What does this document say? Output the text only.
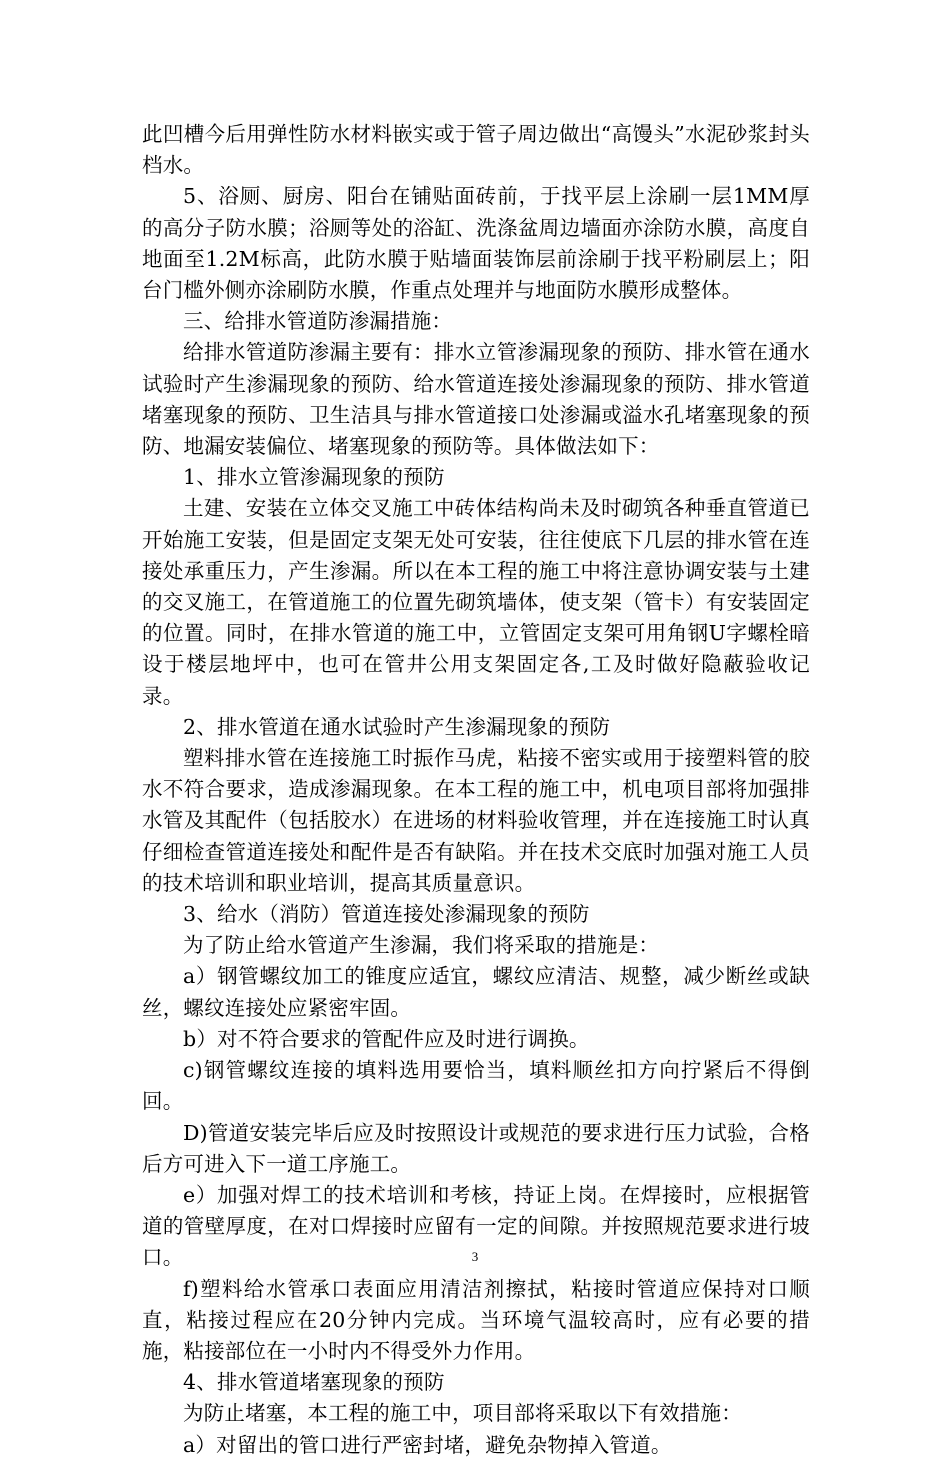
此凹槽今后用弹性防水材料嵌实或于管子周边做出“高馒头”水泥砂浆封头档水。

5、浴厕、厨房、阳台在铺贴面砖前，于找平层上涂刷一层1MM厚的高分子防水膜；浴厕等处的浴缸、洗涤盆周边墙面亦涂防水膜，高度自地面至1.2M标高，此防水膜于贴墙面装饰层前涂刷于找平粉刷层上；阳台门槛外侧亦涂刷防水膜，作重点处理并与地面防水膜形成整体。

三、给排水管道防渗漏措施：

给排水管道防渗漏主要有：排水立管渗漏现象的预防、排水管在通水试验时产生渗漏现象的预防、给水管道连接处渗漏现象的预防、排水管道堵塞现象的预防、卫生洁具与排水管道接口处渗漏或溢水孔堵塞现象的预防、地漏安装偏位、堵塞现象的预防等。具体做法如下：

1、排水立管渗漏现象的预防

土建、安装在立体交叉施工中砖体结构尚未及时砌筑各种垂直管道已开始施工安装，但是固定支架无处可安装，往往使底下几层的排水管在连接处承重压力，产生渗漏。所以在本工程的施工中将注意协调安装与土建的交叉施工，在管道施工的位置先砌筑墙体，使支架（管卡）有安装固定的位置。同时，在排水管道的施工中，立管固定支架可用角钢U字螺栓暗设于楼层地坪中，也可在管井公用支架固定各,工及时做好隐蔽验收记录。

2、排水管道在通水试验时产生渗漏现象的预防

塑料排水管在连接施工时振作马虎，粘接不密实或用于接塑料管的胶水不符合要求，造成渗漏现象。在本工程的施工中，机电项目部将加强排水管及其配件（包括胶水）在进场的材料验收管理，并在连接施工时认真仔细检查管道连接处和配件是否有缺陷。并在技术交底时加强对施工人员的技术培训和职业培训，提高其质量意识。

3、给水（消防）管道连接处渗漏现象的预防

为了防止给水管道产生渗漏，我们将采取的措施是：

a）钢管螺纹加工的锥度应适宜，螺纹应清洁、规整，减少断丝或缺丝，螺纹连接处应紧密牢固。

b）对不符合要求的管配件应及时进行调换。

c)钢管螺纹连接的填料选用要恰当，填料顺丝扣方向拧紧后不得倒回。

D)管道安装完毕后应及时按照设计或规范的要求进行压力试验，合格后方可进入下一道工序施工。

e）加强对焊工的技术培训和考核，持证上岗。在焊接时，应根据管道的管壁厚度，在对口焊接时应留有一定的间隙。并按照规范要求进行坡口。

f)塑料给水管承口表面应用清洁剂擦拭，粘接时管道应保持对口顺直，粘接过程应在20分钟内完成。当环境气温较高时，应有必要的措施，粘接部位在一小时内不得受外力作用。

4、排水管道堵塞现象的预防

为防止堵塞，本工程的施工中，项目部将采取以下有效措施：

a）对留出的管口进行严密封堵，避免杂物掉入管道。

3
